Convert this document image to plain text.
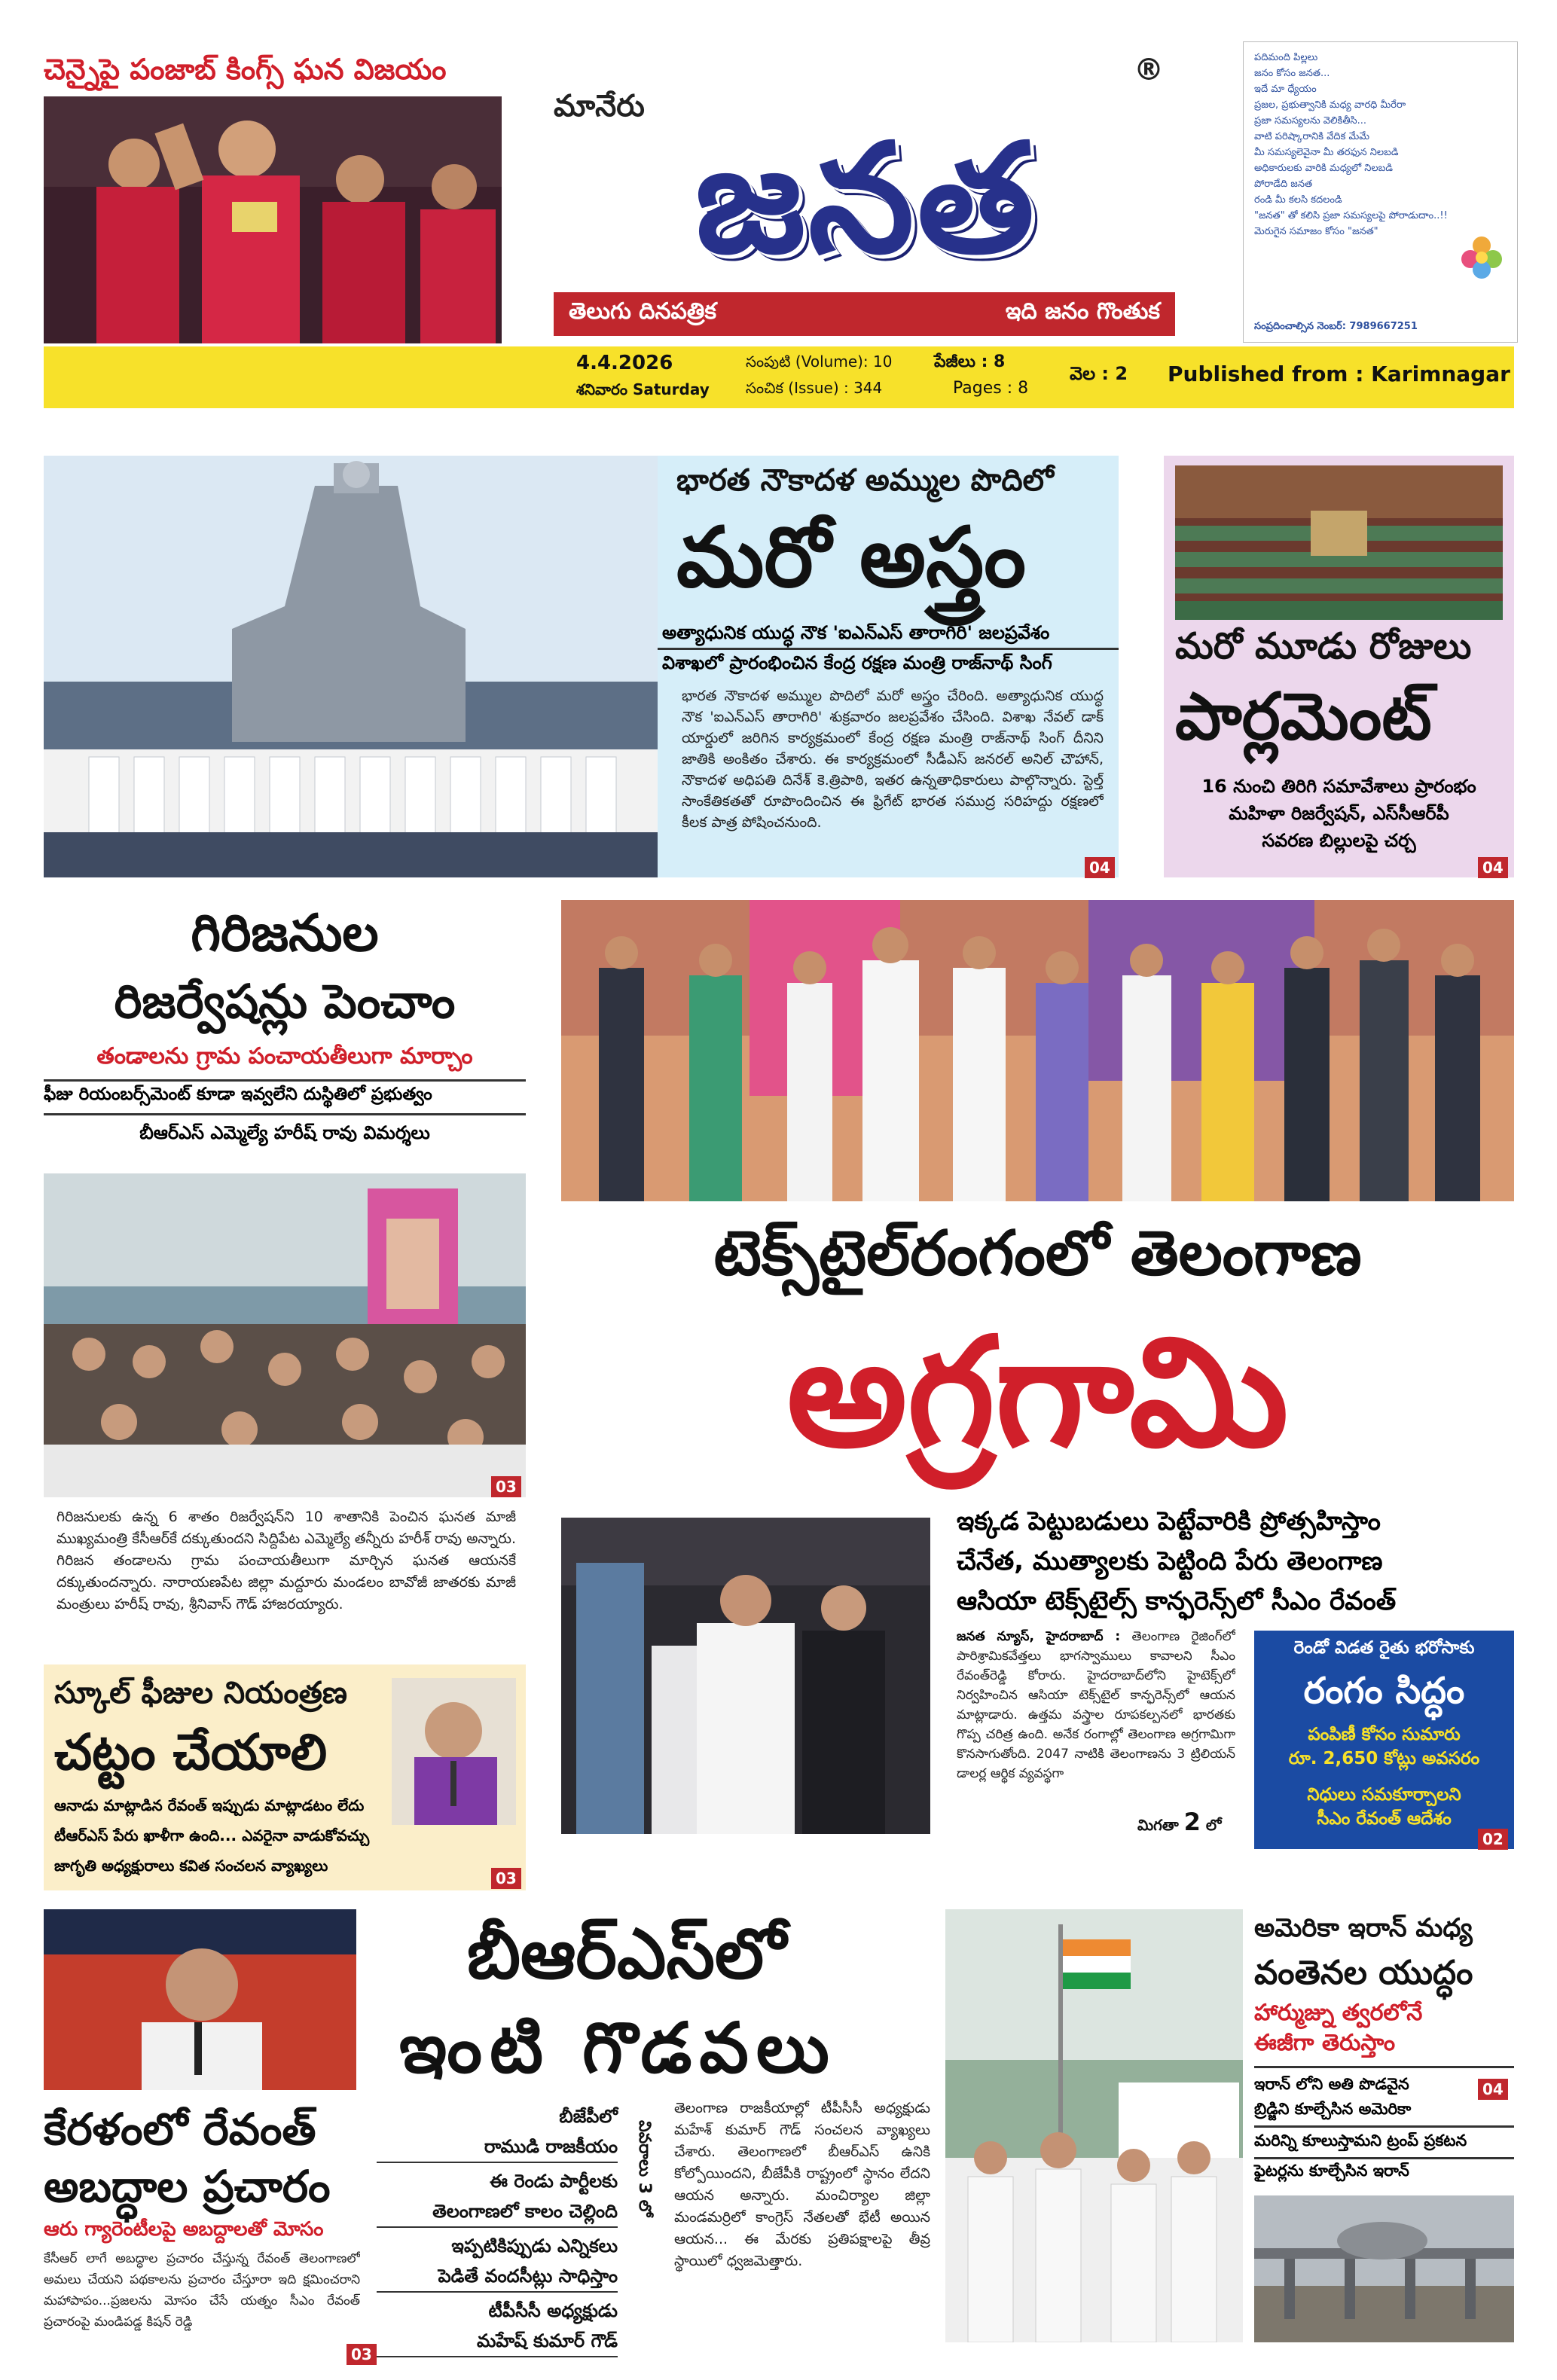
చెన్నైపై పంజాబ్ కింగ్స్ ఘన విజయం
మానేరు
జనత
®
తెలుగు దినపత్రిక	ఇది జనం గొంతుక
పదిమంది పిల్లలు
జనం కోసం జనత...
ఇదే మా ధ్యేయం
ప్రజల, ప్రభుత్వానికి మధ్య వారధి మీరేరా
ప్రజా సమస్యలను వెలికితీసి...
వాటి పరిష్కారానికి వేదిక మేమే
మీ సమస్యలెవైనా మీ తరఫున నిలబడి
అధికారులకు వారికి మధ్యలో నిలబడి
పోరాడేది జనత
రండి మీ కలసి కదలండి
"జనత" తో కలిసి ప్రజా సమస్యలపై పోరాడుదాం..!!
మెరుగైన సమాజం కోసం "జనత"
సంప్రదించాల్సిన నెంబర్: 7989667251
4.4.2026
శనివారం Saturday
సంపుటి (Volume): 10
సంచిక (Issue) : 344
పేజీలు : 8
Pages : 8
వెల : 2 Published from : Karimnagar
భారత నౌకాదళ అమ్ముల పొదిలో
మరో అస్త్రం
అత్యాధునిక యుద్ధ నౌక 'ఐఎన్ఎస్ తారాగిరి' జలప్రవేశం
విశాఖలో ప్రారంభించిన కేంద్ర రక్షణ మంత్రి రాజ్‌నాథ్ సింగ్
భారత నౌకాదళ అమ్ముల పొదిలో మరో అస్త్రం చేరింది. అత్యాధునిక యుద్ధ నౌక 'ఐఎన్ఎస్ తారాగిరి' శుక్రవారం జలప్రవేశం చేసింది. విశాఖ నేవల్ డాక్ యార్డులో జరిగిన కార్యక్రమంలో కేంద్ర రక్షణ మంత్రి రాజ్‌నాథ్ సింగ్ దీనిని జాతికి అంకితం చేశారు. ఈ కార్యక్రమంలో సీడీఎస్ జనరల్ అనిల్ చౌహాన్, నౌకాదళ అధిపతి దినేశ్ కె.త్రిపాఠి, ఇతర ఉన్నతాధికారులు పాల్గొన్నారు. స్టెల్త్ సాంకేతికతతో రూపొందించిన ఈ ఫ్రిగేట్ భారత సముద్ర సరిహద్దు రక్షణలో కీలక పాత్ర పోషించనుంది.
04
మరో మూడు రోజులు
పార్లమెంట్
16 నుంచి తిరిగి సమావేశాలు ప్రారంభం
మహిళా రిజర్వేషన్, ఎస్‌సీఆర్‌పీ
సవరణ బిల్లులపై చర్చ
04
గిరిజనుల
రిజర్వేషన్లు పెంచాం
తండాలను గ్రామ పంచాయతీలుగా మార్చాం
ఫీజు రియంబర్స్‌మెంట్ కూడా ఇవ్వలేని దుస్థితిలో ప్రభుత్వం
బీఆర్ఎస్ ఎమ్మెల్యే హరీష్ రావు విమర్శలు
03
గిరిజనులకు ఉన్న 6 శాతం రిజర్వేషన్‌ని 10 శాతానికి పెంచిన ఘనత మాజీ ముఖ్యమంత్రి కేసీఆర్‌కే దక్కుతుందని సిద్దిపేట ఎమ్మెల్యే తన్నీరు హరీశ్ రావు అన్నారు. గిరిజన తండాలను గ్రామ పంచాయతీలుగా మార్చిన ఘనత ఆయనకే దక్కుతుందన్నారు. నారాయణపేట జిల్లా మద్దూరు మండలం బావోజీ జాతరకు మాజీ మంత్రులు హరీష్ రావు, శ్రీనివాస్ గౌడ్ హాజరయ్యారు.
టెక్స్‌టైల్‌రంగంలో తెలంగాణ
అగ్రగామి
ఇక్కడ పెట్టుబడులు పెట్టేవారికి ప్రోత్సహిస్తాం
చేనేత, ముత్యాలకు పెట్టింది పేరు తెలంగాణ
ఆసియా టెక్స్‌టైల్స్ కాన్ఫరెన్స్‌లో సీఎం రేవంత్
జనత న్యూస్, హైదరాబాద్ : తెలంగాణ రైజింగ్‌లో పారిశ్రామికవేత్తలు భాగస్వాములు కావాలని సీఎం రేవంత్‌రెడ్డి కోరారు. హైదరాబాద్‌లోని హైటెక్స్‌లో నిర్వహించిన ఆసియా టెక్స్‌టైల్ కాన్ఫరెన్స్‌లో ఆయన మాట్లాడారు. ఉత్తమ వస్త్రాల రూపకల్పనలో భారతకు గొప్ప చరిత్ర ఉంది. అనేక రంగాల్లో తెలంగాణ అగ్రగామిగా కొనసాగుతోంది. 2047 నాటికి తెలంగాణను 3 ట్రిలియన్ డాలర్ల ఆర్థిక వ్యవస్థగా
మిగతా 2 లో
రెండో విడత రైతు భరోసాకు
రంగం సిద్ధం
పంపిణీ కోసం సుమారు
రూ. 2,650 కోట్లు అవసరం
నిధులు సమకూర్చాలని
సీఎం రేవంత్ ఆదేశం
02
స్కూల్ ఫీజుల నియంత్రణ
చట్టం చేయాలి
ఆనాడు మాట్లాడిన రేవంత్ ఇప్పుడు మాట్లాడటం లేదు
టీఆర్ఎస్ పేరు ఖాళీగా ఉంది... ఎవరైనా వాడుకోవచ్చు
జాగృతి అధ్యక్షురాలు కవిత సంచలన వ్యాఖ్యలు
03
కేరళంలో రేవంత్
అబద్ధాల ప్రచారం
ఆరు గ్యారెంటీలపై అబద్దాలతో మోసం
కేసీఆర్ లాగే అబద్ధాల ప్రచారం చేస్తున్న రేవంత్ తెలంగాణలో అమలు చేయని పథకాలను ప్రచారం చేస్తూరా ఇది క్షమించరాని మహాపాపం...ప్రజలను మోసం చేసే యత్నం సీఎం రేవంత్ ప్రచారంపై మండిపడ్డ కిషన్ రెడ్డి
03
బీఆర్ఎస్‌లో
ఇంటి గొడవలు
బీజేపీలో
రాముడి రాజకీయం
ఈ రెండు పార్టీలకు
తెలంగాణలో కాలం చెల్లింది
ఇప్పటికిప్పుడు ఎన్నికలు
పెడితే వందసీట్లు సాధిస్తాం
టీపీసీసీ అధ్యక్షుడు
మహేష్ కుమార్ గౌడ్
వివరాలు 3 లో
తెలంగాణ రాజకీయాల్లో టీపీసీసీ అధ్యక్షుడు మహేశ్ కుమార్ గౌడ్ సంచలన వ్యాఖ్యలు చేశారు. తెలంగాణలో బీఆర్ఎస్ ఉనికి కోల్పోయిందని, బీజేపీకి రాష్ట్రంలో స్థానం లేదని ఆయన అన్నారు. మంచిర్యాల జిల్లా మండమర్రిలో కాంగ్రెస్ నేతలతో భేటీ అయిన ఆయన... ఈ మేరకు ప్రతిపక్షాలపై తీవ్ర స్థాయిలో ధ్వజమెత్తారు.
అమెరికా ఇరాన్ మధ్య
వంతెనల యుద్ధం
హార్ముజ్ను త్వరలోనే
ఈజీగా తెరుస్తాం
ఇరాన్ లోని అతి పొడవైన
బ్రిడ్జిని కూల్చేసిన అమెరికా
మరిన్ని కూలుస్తామని ట్రంప్ ప్రకటన
ఫైటర్లను కూల్చేసిన ఇరాన్
04
